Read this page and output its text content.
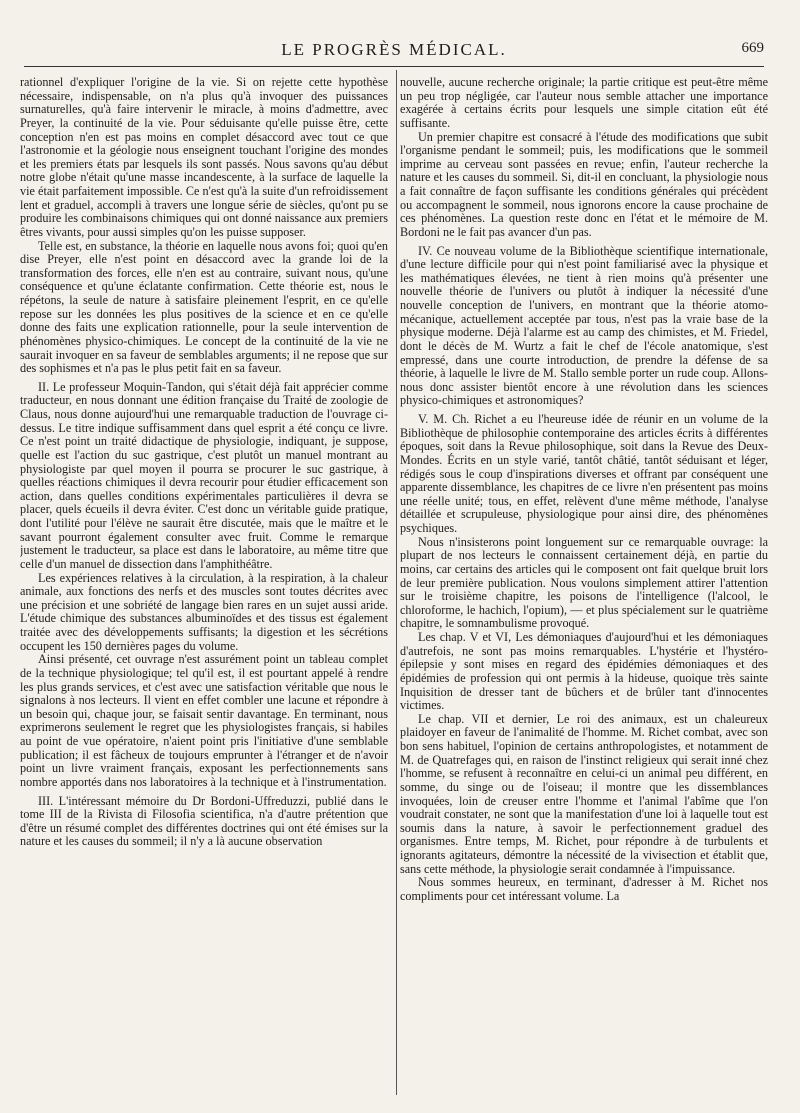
LE PROGRÈS MÉDICAL.	669

rationnel d'expliquer l'origine de la vie. Si on rejette cette hypothèse nécessaire, indispensable, on n'a plus qu'à invoquer des puissances surnaturelles, qu'à faire intervenir le miracle, à moins d'admettre, avec Preyer, la continuité de la vie. Pour séduisante qu'elle puisse être, cette conception n'en est pas moins en complet désaccord avec tout ce que l'astronomie et la géologie nous enseignent touchant l'origine des mondes et les premiers états par lesquels ils sont passés. Nous savons qu'au début notre globe n'était qu'une masse incandescente, à la surface de laquelle la vie était parfaitement impossible. Ce n'est qu'à la suite d'un refroidissement lent et graduel, accompli à travers une longue série de siècles, qu'ont pu se produire les combinaisons chimiques qui ont donné naissance aux premiers êtres vivants, pour aussi simples qu'on les puisse supposer.

Telle est, en substance, la théorie en laquelle nous avons foi; quoi qu'en dise Preyer, elle n'est point en désaccord avec la grande loi de la transformation des forces, elle n'en est au contraire, suivant nous, qu'une conséquence et qu'une éclatante confirmation. Cette théorie est, nous le répétons, la seule de nature à satisfaire pleinement l'esprit, en ce qu'elle repose sur les données les plus positives de la science et en ce qu'elle donne des faits une explication rationnelle, pour la seule intervention de phénomènes physico-chimiques. Le concept de la continuité de la vie ne saurait invoquer en sa faveur de semblables arguments; il ne repose que sur des sophismes et n'a pas le plus petit fait en sa faveur.

II. Le professeur Moquin-Tandon, qui s'était déjà fait apprécier comme traducteur, en nous donnant une édition française du Traité de zoologie de Claus, nous donne aujourd'hui une remarquable traduction de l'ouvrage ci-dessus. Le titre indique suffisamment dans quel esprit a été conçu ce livre. Ce n'est point un traité didactique de physiologie, indiquant, je suppose, quelle est l'action du suc gastrique, c'est plutôt un manuel montrant au physiologiste par quel moyen il pourra se procurer le suc gastrique, à quelles réactions chimiques il devra recourir pour étudier efficacement son action, dans quelles conditions expérimentales particulières il devra se placer, quels écueils il devra éviter. C'est donc un véritable guide pratique, dont l'utilité pour l'élève ne saurait être discutée, mais que le maître et le savant pourront également consulter avec fruit. Comme le remarque justement le traducteur, sa place est dans le laboratoire, au même titre que celle d'un manuel de dissection dans l'amphithéâtre.

Les expériences relatives à la circulation, à la respiration, à la chaleur animale, aux fonctions des nerfs et des muscles sont toutes décrites avec une précision et une sobriété de langage bien rares en un sujet aussi aride. L'étude chimique des substances albuminoïdes et des tissus est également traitée avec des développements suffisants; la digestion et les sécrétions occupent les 150 dernières pages du volume.

Ainsi présenté, cet ouvrage n'est assurément point un tableau complet de la technique physiologique; tel qu'il est, il est pourtant appelé à rendre les plus grands services, et c'est avec une satisfaction véritable que nous le signalons à nos lecteurs. Il vient en effet combler une lacune et répondre à un besoin qui, chaque jour, se faisait sentir davantage. En terminant, nous exprimerons seulement le regret que les physiologistes français, si habiles au point de vue opératoire, n'aient point pris l'initiative d'une semblable publication; il est fâcheux de toujours emprunter à l'étranger et de n'avoir point un livre vraiment français, exposant les perfectionnements sans nombre apportés dans nos laboratoires à la technique et à l'instrumentation.

III. L'intéressant mémoire du Dr Bordoni-Uffreduzzi, publié dans le tome III de la Rivista di Filosofia scientifica, n'a d'autre prétention que d'être un résumé complet des différentes doctrines qui ont été émises sur la nature et les causes du sommeil; il n'y a là aucune observation

nouvelle, aucune recherche originale; la partie critique est peut-être même un peu trop négligée, car l'auteur nous semble attacher une importance exagérée à certains écrits pour lesquels une simple citation eût été suffisante.

Un premier chapitre est consacré à l'étude des modifications que subit l'organisme pendant le sommeil; puis, les modifications que le sommeil imprime au cerveau sont passées en revue; enfin, l'auteur recherche la nature et les causes du sommeil. Si, dit-il en concluant, la physiologie nous a fait connaître de façon suffisante les conditions générales qui précèdent ou accompagnent le sommeil, nous ignorons encore la cause prochaine de ces phénomènes. La question reste donc en l'état et le mémoire de M. Bordoni ne le fait pas avancer d'un pas.

IV. Ce nouveau volume de la Bibliothèque scientifique internationale, d'une lecture difficile pour qui n'est point familiarisé avec la physique et les mathématiques élevées, ne tient à rien moins qu'à présenter une nouvelle théorie de l'univers ou plutôt à indiquer la nécessité d'une nouvelle conception de l'univers, en montrant que la théorie atomo-mécanique, actuellement acceptée par tous, n'est pas la vraie base de la physique moderne. Déjà l'alarme est au camp des chimistes, et M. Friedel, dont le décès de M. Wurtz a fait le chef de l'école anatomique, s'est empressé, dans une courte introduction, de prendre la défense de sa théorie, à laquelle le livre de M. Stallo semble porter un rude coup. Allons-nous donc assister bientôt encore à une révolution dans les sciences physico-chimiques et astronomiques?

V. M. Ch. Richet a eu l'heureuse idée de réunir en un volume de la Bibliothèque de philosophie contemporaine des articles écrits à différentes époques, soit dans la Revue philosophique, soit dans la Revue des Deux-Mondes. Écrits en un style varié, tantôt châtié, tantôt séduisant et léger, rédigés sous le coup d'inspirations diverses et offrant par conséquent une apparente dissemblance, les chapitres de ce livre n'en présentent pas moins une réelle unité; tous, en effet, relèvent d'une même méthode, l'analyse détaillée et scrupuleuse, physiologique pour ainsi dire, des phénomènes psychiques.

Nous n'insisterons point longuement sur ce remarquable ouvrage: la plupart de nos lecteurs le connaissent certainement déjà, en partie du moins, car certains des articles qui le composent ont fait quelque bruit lors de leur première publication. Nous voulons simplement attirer l'attention sur le troisième chapitre, les poisons de l'intelligence (l'alcool, le chloroforme, le hachich, l'opium), — et plus spécialement sur le quatrième chapitre, le somnambulisme provoqué.

Les chap. V et VI, Les démoniaques d'aujourd'hui et les démoniaques d'autrefois, ne sont pas moins remarquables. L'hystérie et l'hystéro-épilepsie y sont mises en regard des épidémies démoniaques et des épidémies de profession qui ont permis à la hideuse, quoique très sainte Inquisition de dresser tant de bûchers et de brûler tant d'innocentes victimes.

Le chap. VII et dernier, Le roi des animaux, est un chaleureux plaidoyer en faveur de l'animalité de l'homme. M. Richet combat, avec son bon sens habituel, l'opinion de certains anthropologistes, et notamment de M. de Quatrefages qui, en raison de l'instinct religieux qui serait inné chez l'homme, se refusent à reconnaître en celui-ci un animal peu différent, en somme, du singe ou de l'oiseau; il montre que les dissemblances invoquées, loin de creuser entre l'homme et l'animal l'abîme que l'on voudrait constater, ne sont que la manifestation d'une loi à laquelle tout est soumis dans la nature, à savoir le perfectionnement graduel des organismes. Entre temps, M. Richet, pour répondre à de turbulents et ignorants agitateurs, démontre la nécessité de la vivisection et établit que, sans cette méthode, la physiologie serait condamnée à l'impuissance.

Nous sommes heureux, en terminant, d'adresser à M. Richet nos compliments pour cet intéressant volume. La
